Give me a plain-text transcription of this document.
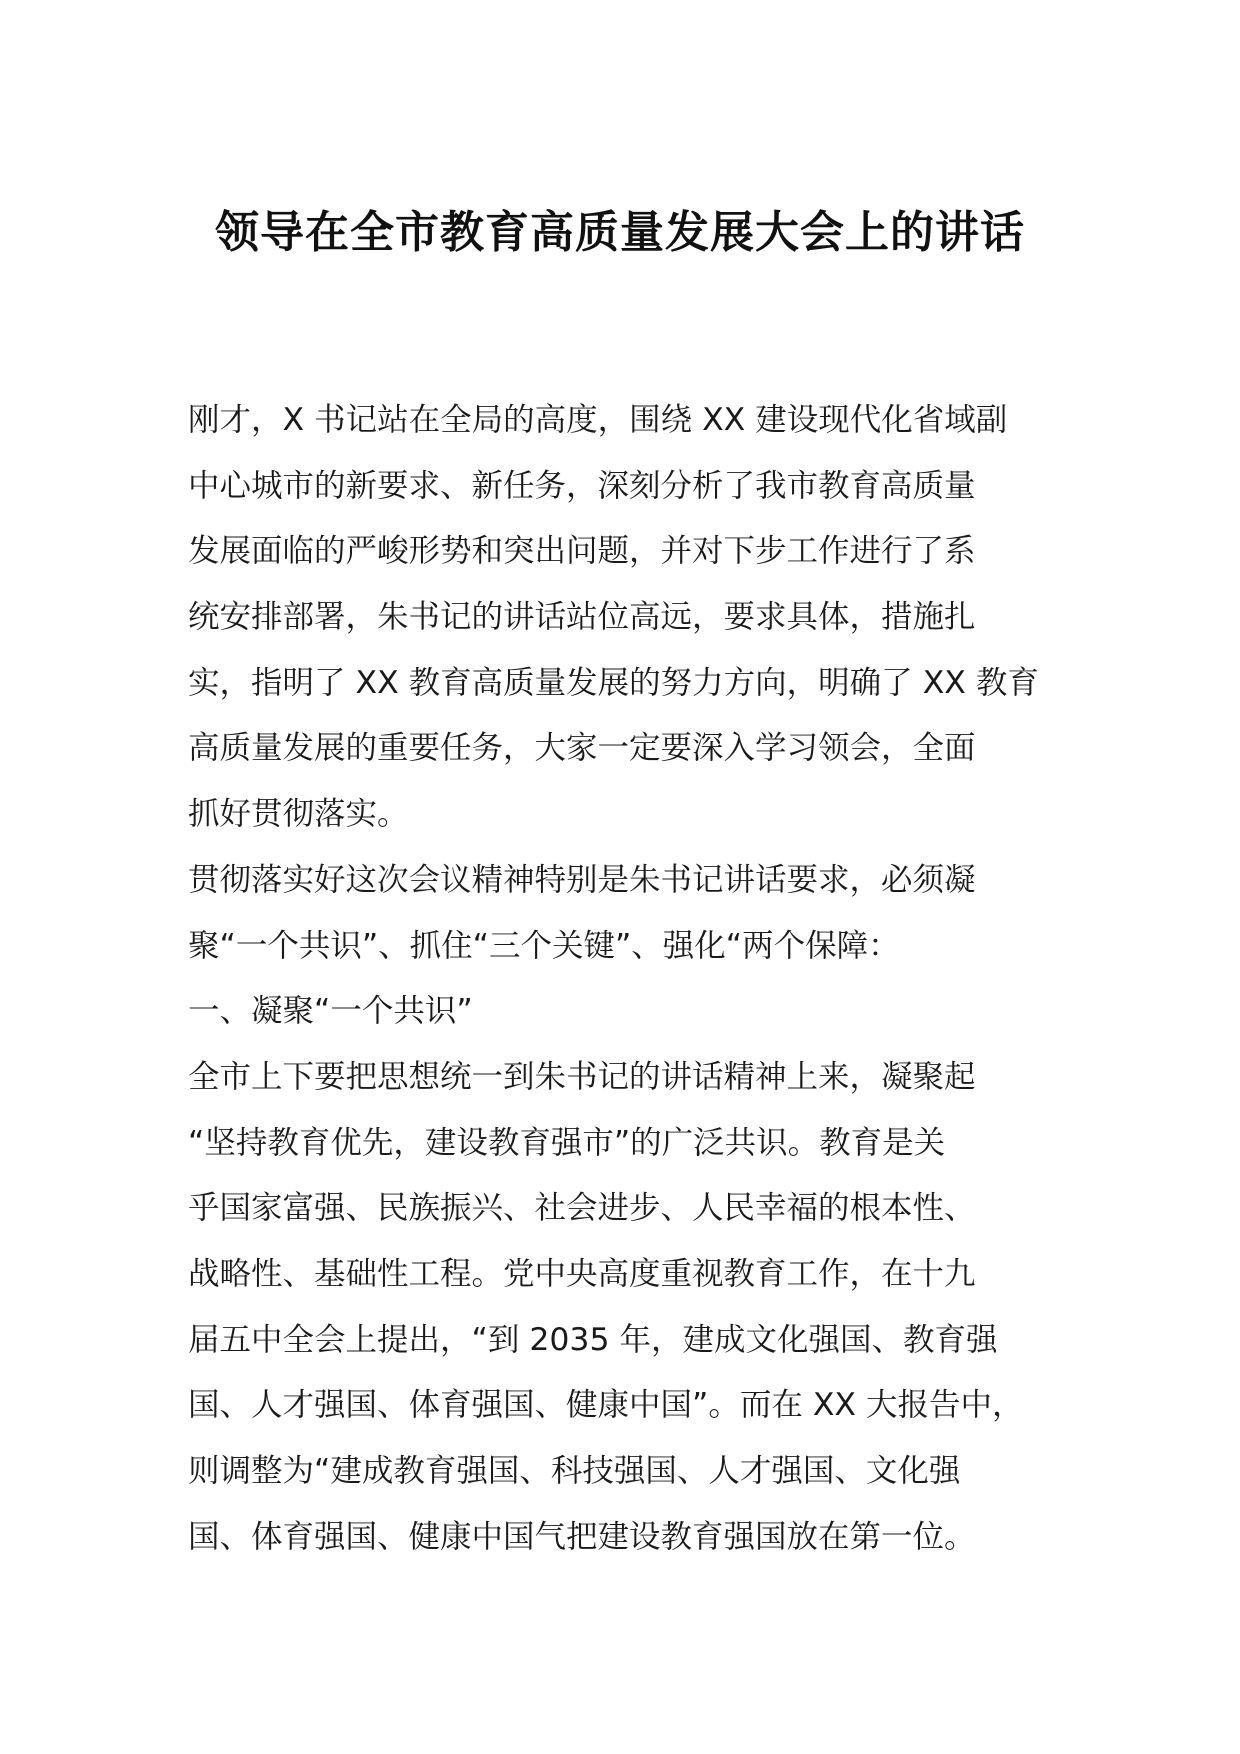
领导在全市教育高质量发展大会上的讲话
刚才，X 书记站在全局的高度，围绕 XX 建设现代化省域副
中心城市的新要求、新任务，深刻分析了我市教育高质量
发展面临的严峻形势和突出问题，并对下步工作进行了系
统安排部署，朱书记的讲话站位高远，要求具体，措施扎
实，指明了 XX 教育高质量发展的努力方向，明确了 XX 教育
高质量发展的重要任务，大家一定要深入学习领会，全面
抓好贯彻落实。
贯彻落实好这次会议精神特别是朱书记讲话要求，必须凝
聚“一个共识”、抓住“三个关键”、强化“两个保障：
一、凝聚“一个共识”
全市上下要把思想统一到朱书记的讲话精神上来，凝聚起
“坚持教育优先，建设教育强市”的广泛共识。教育是关
乎国家富强、民族振兴、社会进步、人民幸福的根本性、
战略性、基础性工程。党中央高度重视教育工作，在十九
届五中全会上提出，“到 2035 年，建成文化强国、教育强
国、人才强国、体育强国、健康中国”。而在 XX 大报告中，
则调整为“建成教育强国、科技强国、人才强国、文化强
国、体育强国、健康中国气把建设教育强国放在第一位。
